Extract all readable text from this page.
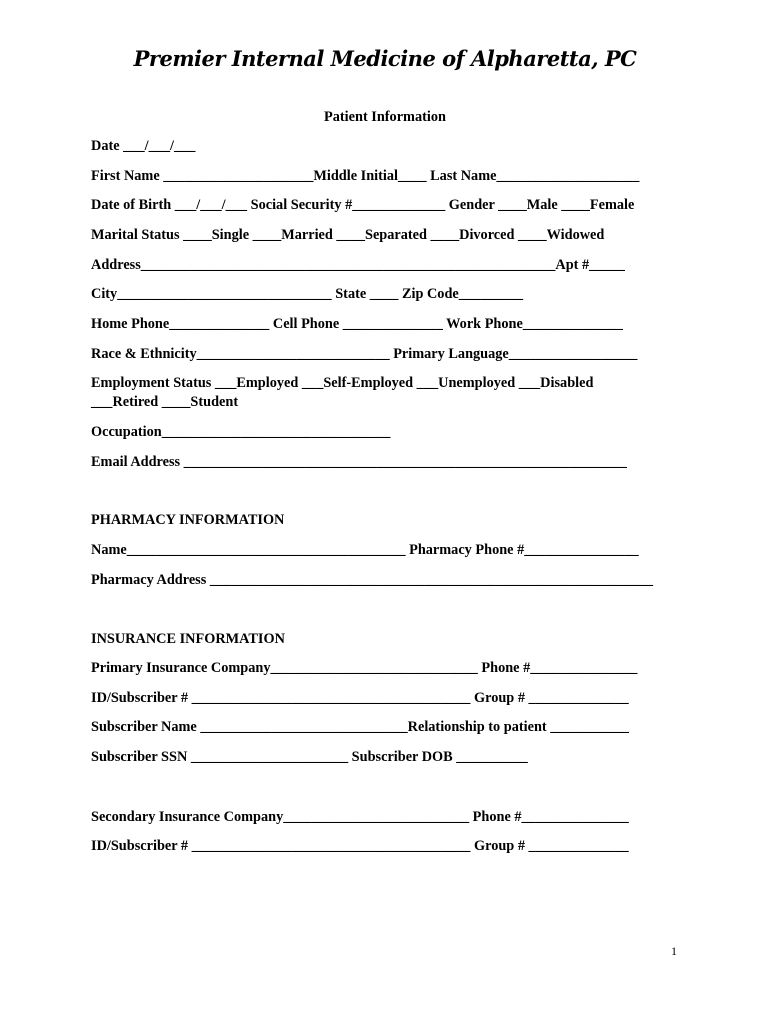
Premier Internal Medicine of Alpharetta, PC
Patient Information
Date ___/___/___
First Name _____________________Middle Initial____ Last Name____________________
Date of Birth ___/___/___ Social Security #_____________ Gender ____Male ____Female
Marital Status ____Single ____Married ____Separated ____Divorced ____Widowed
Address__________________________________________________________Apt #_____
City______________________________ State ____ Zip Code_________
Home Phone______________ Cell Phone ______________ Work Phone______________
Race & Ethnicity___________________________ Primary Language__________________
Employment Status ___Employed ___Self-Employed ___Unemployed ___Disabled
___Retired ____Student
Occupation________________________________
Email Address ______________________________________________________________
PHARMACY INFORMATION
Name_______________________________________ Pharmacy Phone #________________
Pharmacy Address ______________________________________________________________
INSURANCE INFORMATION
Primary Insurance Company_____________________________ Phone #_______________
ID/Subscriber # _______________________________________ Group # ______________
Subscriber Name _____________________________Relationship to patient ___________
Subscriber SSN ______________________ Subscriber DOB __________
Secondary Insurance Company__________________________ Phone #_______________
ID/Subscriber # _______________________________________ Group # ______________
1
